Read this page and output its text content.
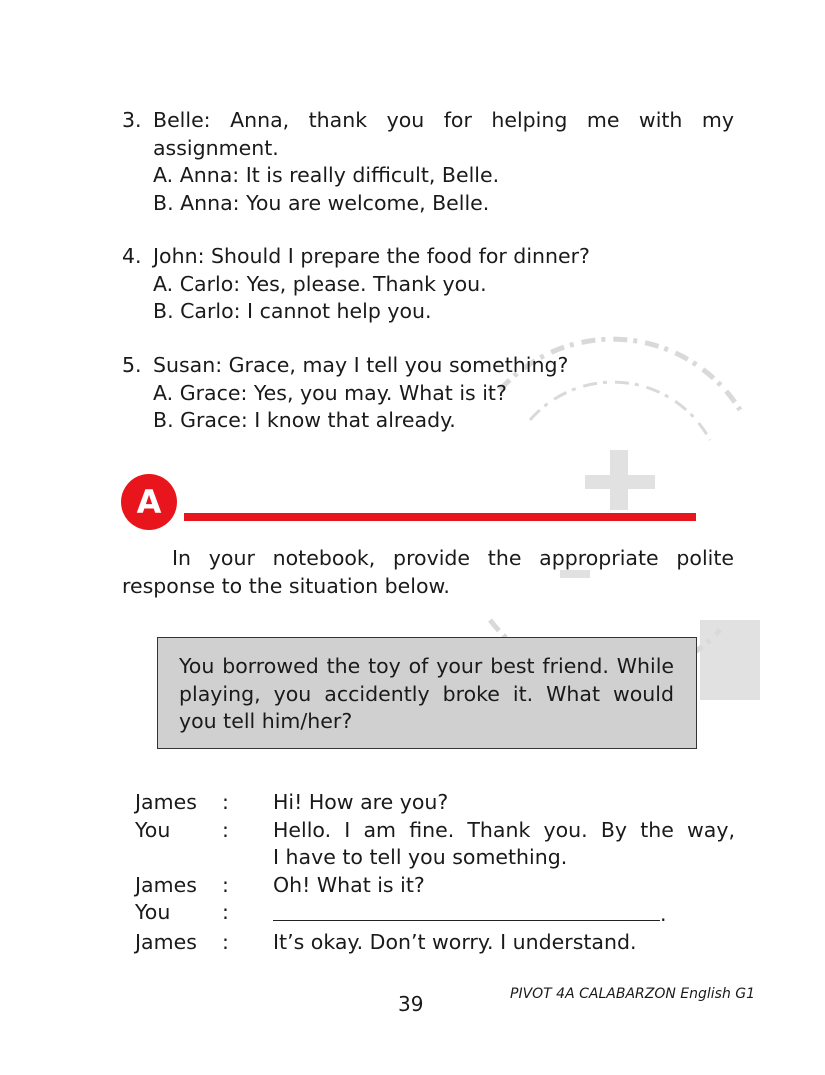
3. Belle: Anna, thank you for helping me with my
assignment.
A. Anna: It is really difficult, Belle.
B. Anna: You are welcome, Belle.
4. John: Should I prepare the food for dinner?
A. Carlo: Yes, please. Thank you.
B. Carlo: I cannot help you.
5. Susan: Grace, may I tell you something?
A. Grace: Yes, you may. What is it?
B. Grace: I know that already.
A
In your notebook, provide the appropriate polite response to the situation below.
You borrowed the toy of your best friend. While playing, you accidently broke it. What would you tell him/her?
James	:	Hi! How are you?
You	:	Hello. I am fine. Thank you. By the way,
I have to tell you something.
James	:	Oh! What is it?
You	:	.
James	:	It’s okay. Don’t worry. I understand.
39	PIVOT 4A CALABARZON English G1
